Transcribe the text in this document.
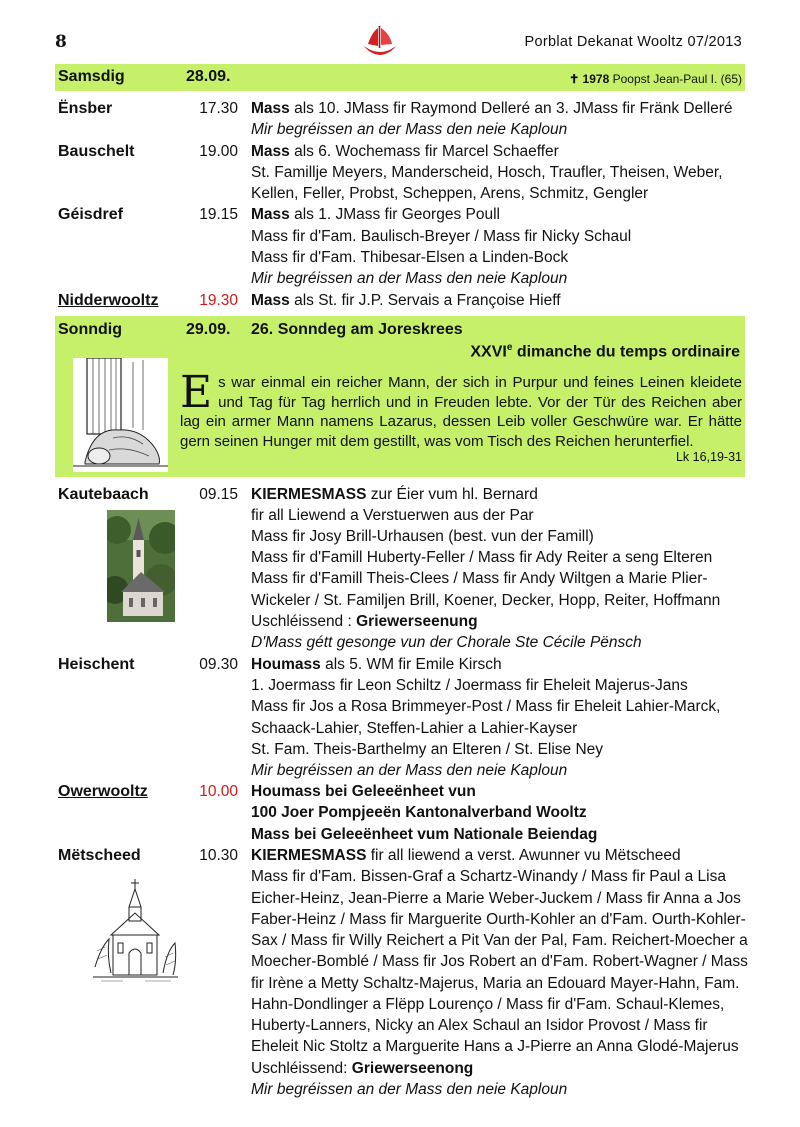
8	Porblat Dekanat Wooltz 07/2013
Samsdig	28.09.	✝ 1978 Poopst Jean-Paul I. (65)
Ënsber	17.30 Mass als 10. JMass fir Raymond Delleré an 3. JMass fir Fränk Delleré
Mir begréissen an der Mass den neie Kaploun
Bauschelt	19.00 Mass als 6. Wochemass fir Marcel Schaeffer
St. Familljе Meyers, Manderscheid, Hosch, Traufler, Theisen, Weber,
Kellen, Feller, Probst, Scheppen, Arens, Schmitz, Gengler
Géisdref	19.15 Mass als 1. JMass fir Georges Poull
Mass fir d'Fam. Baulisch-Breyer / Mass fir Nicky Schaul
Mass fir d'Fam. Thibesar-Elsen a Linden-Bock
Mir begréissen an der Mass den neie Kaploun
Nidderwooltz	19.30 Mass als St. fir J.P. Servais a Françoise Hieff
Sonndig	29.09. 26. Sonndeg am Joreskrees
XXVIe dimanche du temps ordinaire
Es war einmal ein reicher Mann, der sich in Purpur und feines Leinen kleidete und Tag für Tag herrlich und in Freuden lebte. Vor der Tür des Reichen aber lag ein armer Mann namens Lazarus, dessen Leib voller Geschwüre war. Er hätte gern seinen Hunger mit dem gestillt, was vom Tisch des Reichen herunterfiel.
Lk 16,19-31
Kautebaach	09.15 KIERMESMASS zur Éier vum hl. Bernard
fir all Liewend a Verstuerwen aus der Par
Mass fir Josy Brill-Urhausen (best. vun der Famill)
Mass fir d'Famill Huberty-Feller / Mass fir Ady Reiter a seng Elteren
Mass fir d'Famill Theis-Clees / Mass fir Andy Wiltgen a Marie Plier-
Wickeler / St. Familjen Brill, Koener, Decker, Hopp, Reiter, Hoffmann
Uschléissend : Griewerseenung
D'Mass gétt gesonge vun der Chorale Ste Cécile Pënsch
Heischent	09.30 Houmass als 5. WM fir Emile Kirsch
1. Joermass fir Leon Schiltz / Joermass fir Eheleit Majerus-Jans
Mass fir Jos a Rosa Brimmeyer-Post / Mass fir Eheleit Lahier-Marck,
Schaack-Lahier, Steffen-Lahier a Lahier-Kayser
St. Fam. Theis-Barthelmy an Elteren / St. Elise Ney
Mir begréissen an der Mass den neie Kaploun
Owerwooltz	10.00 Houmass bei Geleeënheet vun
100 Joer Pompjeeën Kantonalverband Wooltz
Mass bei Geleeënheet vum Nationale Beiendag
Mëtscheed	10.30 KIERMESMASS fir all liewend a verst. Awunner vu Mëtscheed
Mass fir d'Fam. Bissen-Graf a Schartz-Winandy / Mass fir Paul a Lisa
Eicher-Heinz, Jean-Pierre a Marie Weber-Juckem / Mass fir Anna a Jos
Faber-Heinz / Mass fir Marguerite Ourth-Kohler an d'Fam. Ourth-Kohler-
Sax / Mass fir Willy Reichert a Pit Van der Pal, Fam. Reichert-Moecher a
Moecher-Bomblé / Mass fir Jos Robert an d'Fam. Robert-Wagner / Mass
fir Irène a Metty Schaltz-Majerus, Maria an Edouard Mayer-Hahn, Fam.
Hahn-Dondlinger a Flëpp Lourenço / Mass fir d'Fam. Schaul-Klemes,
Huberty-Lanners, Nicky an Alex Schaul an Isidor Provost / Mass fir
Eheleit Nic Stoltz a Marguerite Hans a J-Pierre an Anna Glodé-Majerus
Uschléissend: Griewerseenong
Mir begréissen an der Mass den neie Kaploun
